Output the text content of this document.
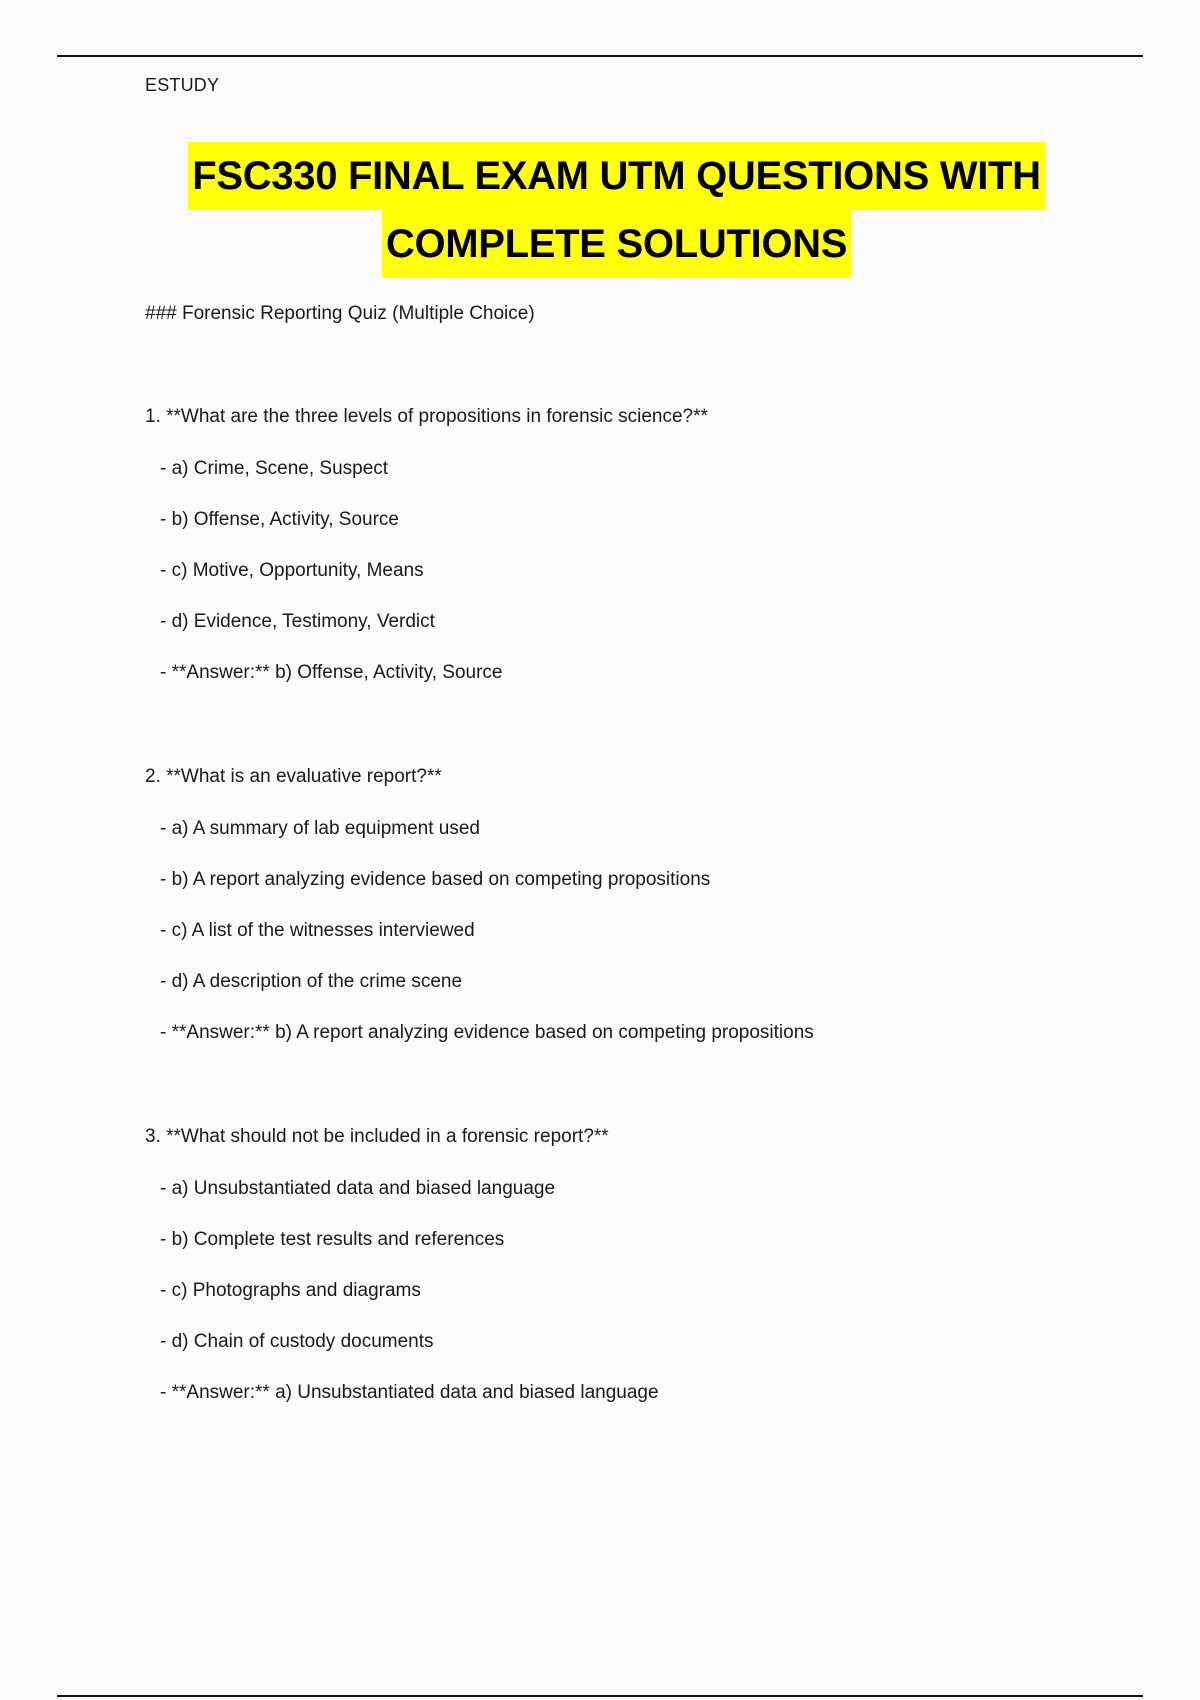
ESTUDY
FSC330 FINAL EXAM UTM QUESTIONS WITH
COMPLETE SOLUTIONS
### Forensic Reporting Quiz (Multiple Choice)
1. **What are the three levels of propositions in forensic science?**
- a) Crime, Scene, Suspect
- b) Offense, Activity, Source
- c) Motive, Opportunity, Means
- d) Evidence, Testimony, Verdict
- **Answer:** b) Offense, Activity, Source
2. **What is an evaluative report?**
- a) A summary of lab equipment used
- b) A report analyzing evidence based on competing propositions
- c) A list of the witnesses interviewed
- d) A description of the crime scene
- **Answer:** b) A report analyzing evidence based on competing propositions
3. **What should not be included in a forensic report?**
- a) Unsubstantiated data and biased language
- b) Complete test results and references
- c) Photographs and diagrams
- d) Chain of custody documents
- **Answer:** a) Unsubstantiated data and biased language
